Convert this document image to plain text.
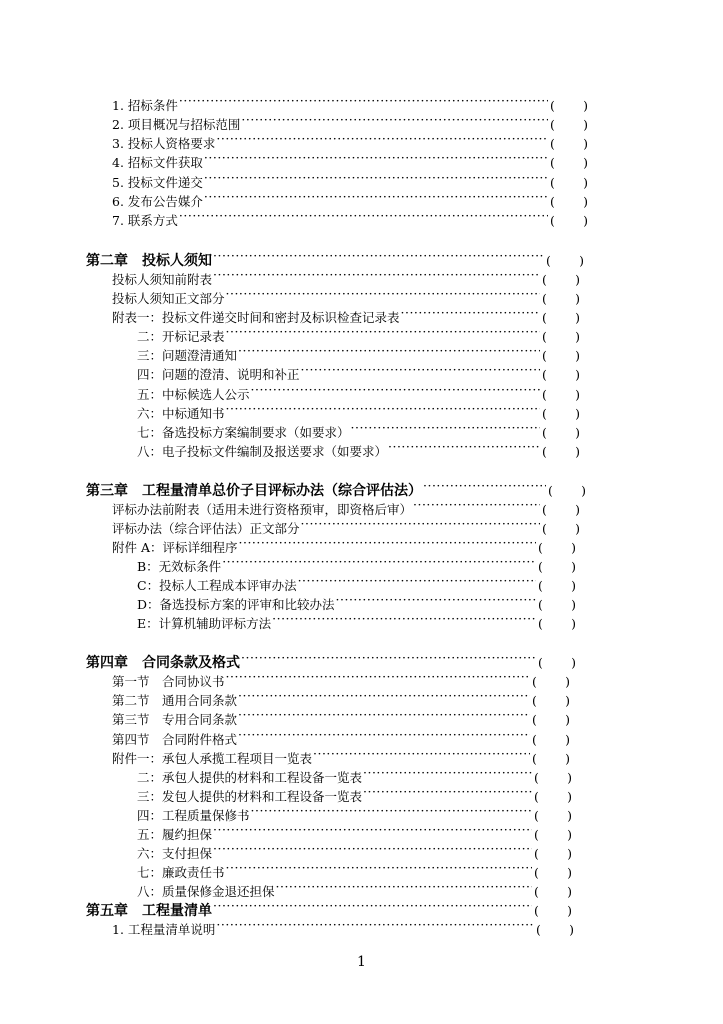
1. 招标条件 ·····	( )
2. 项目概况与招标范围 ·····	( )
3. 投标人资格要求 ·····	( )
4. 招标文件获取 ·····	( )
5. 投标文件递交 ·····	( )
6. 发布公告媒介 ·····	( )
7. 联系方式 ·····	( )
第二章　投标人须知 ·····	( )
投标人须知前附表 ·····	( )
投标人须知正文部分 ·····	( )
附表一：投标文件递交时间和密封及标识检查记录表 ·····	( )
二：开标记录表 ·····	( )
三：问题澄清通知 ·····	( )
四：问题的澄清、说明和补正 ·····	( )
五：中标候选人公示 ·····	( )
六：中标通知书 ·····	( )
七：备选投标方案编制要求（如要求） ·····	( )
八：电子投标文件编制及报送要求（如要求） ·····	( )
第三章　工程量清单总价子目评标办法（综合评估法） ·····	( )
评标办法前附表（适用未进行资格预审，即资格后审） ·····	( )
评标办法（综合评估法）正文部分 ·····	( )
附件 A：评标详细程序 ·····	( )
B：无效标条件 ·····	( )
C：投标人工程成本评审办法 ·····	( )
D：备选投标方案的评审和比较办法 ·····	( )
E：计算机辅助评标方法 ·····	( )
第四章　合同条款及格式 ·····	( )
第一节　合同协议书 ·····	( )
第二节　通用合同条款 ·····	( )
第三节　专用合同条款 ·····	( )
第四节　合同附件格式 ·····	( )
附件一：承包人承揽工程项目一览表 ·····	( )
二：承包人提供的材料和工程设备一览表 ·····	( )
三：发包人提供的材料和工程设备一览表 ·····	( )
四：工程质量保修书 ·····	( )
五：履约担保 ·····	( )
六：支付担保 ·····	( )
七：廉政责任书 ·····	( )
八：质量保修金退还担保 ·····	( )
第五章　工程量清单 ·····	( )
1. 工程量清单说明 ·····	( )
1
